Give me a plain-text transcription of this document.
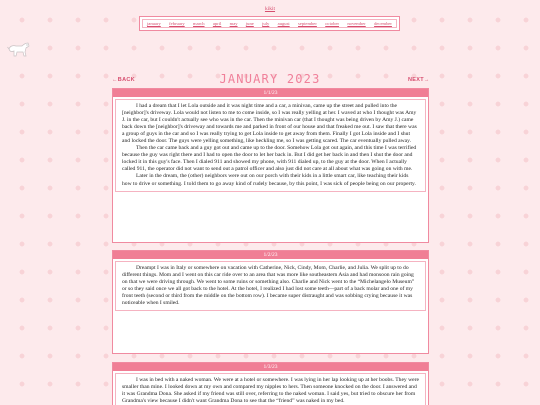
kikit
january february march april may june july august september october november december
←BACK	JANUARY 2023	NEXT→
1/1/23

I had a dream that I let Lola outside and it was night time and a car, a minivan, came up the street and pulled into the [neighbor]'s driveway. Lola would not listen to me to come inside, so I was really yelling at her. I waved at who I thought was Amy J. in the car, but I couldn't actually see who was in the car. Then the minivan car (that I thought was being driven by Amy J.) came back down the [neighbor]'s driveway and towards me and parked in front of our house and that freaked me out. I saw that there was a group of guys in the car and so I was really trying to get Lola inside to get away from them. Finally I got Lola inside and I shut and locked the door. The guys were yelling something, like heckling me, so I was getting scared. The car eventually pulled away.

Then the car came back and a guy got out and came up to the door. Somehow Lola got out again, and this time I was terrified because the guy was right there and I had to open the door to let her back in. But I did get her back in and then I shut the door and locked it in this guy's face. Then I dialed 911 and showed my phone, with 911 dialed up, to the guy at the door. When I actually called 911, the operator did not want to send out a patrol officer and also just did not care at all about what was going on with me.

Later in the dream, the (other) neighbors were out on our porch with their kids in a little smart car, like teaching their kids how to drive or something. I told them to go away kind of rudely because, by this point, I was sick of people being on our property.

1/2/23

Dreampt I was in Italy or somewhere on vacation with Catherine, Nick, Cindy, Mom, Charlie, and Julia. We split up to do different things. Mom and I went on this car ride over to an area that was more like southeastern Asia and had monsoon rain going on that we were driving through. We went to some ruins or something also. Charlie and Nick went to the “Michelangelo Museum” or so they said once we all got back to the hotel. At the hotel, I realized I had lost some teeth—part of a back molar and one of my front teeth (second or third from the middle on the bottom row). I became super distraught and was sobbing crying because it was noticeable when I smiled.

1/3/23

I was in bed with a naked woman. We were at a hotel or somewhere. I was lying in her lap looking up at her boobs. They were smaller than mine. I looked down at my own and compared my nipples to hers. Then someone knocked on the door. I answered and it was Grandma Dona. She asked if my friend was still over, referring to the naked woman. I said yes, but tried to obscure her from Grandma's view because I didn't want Grandma Dona to see that the “friend” was naked in my bed.
